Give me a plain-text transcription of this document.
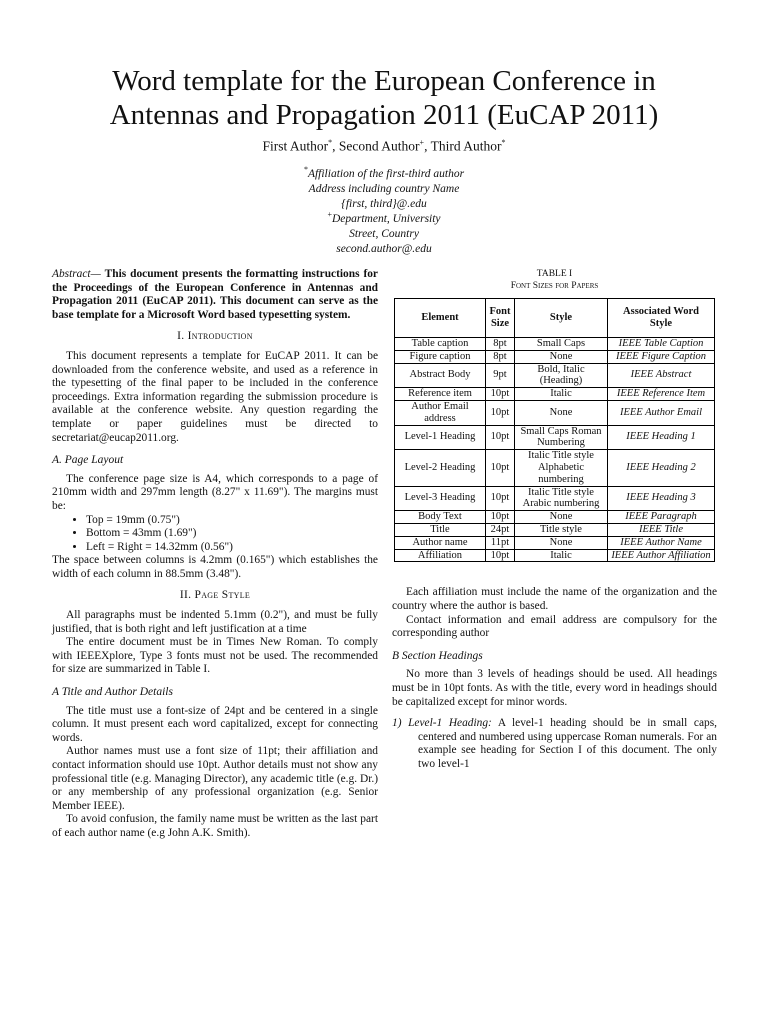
Word template for the European Conference in
Antennas and Propagation 2011 (EuCAP 2011)
First Author*, Second Author+, Third Author*
*Affiliation of the first-third author
Address including country Name
{first, third}@.edu
+Department, University
Street, Country
second.author@.edu
Abstract— This document presents the formatting instructions for the Proceedings of the European Conference in Antennas and Propagation 2011 (EuCAP 2011). This document can serve as the base template for a Microsoft Word based typesetting system.
I. Introduction

This document represents a template for EuCAP 2011. It can be downloaded from the conference website, and used as a reference in the typesetting of the final paper to be included in the conference proceedings. Extra information regarding the submission procedure is available at the conference website. Any question regarding the template or paper guidelines must be directed to secretariat@eucap2011.org.

A. Page Layout

The conference page size is A4, which corresponds to a page of 210mm width and 297mm length (8.27" x 11.69"). The margins must be:

• Top = 19mm (0.75")
• Bottom = 43mm (1.69")
• Left = Right = 14.32mm (0.56")

The space between columns is 4.2mm (0.165") which establishes the width of each column in 88.5mm (3.48").

II. Page Style

All paragraphs must be indented 5.1mm (0.2"), and must be fully justified, that is both right and left justification at a time

The entire document must be in Times New Roman. To comply with IEEEXplore, Type 3 fonts must not be used. The recommended for size are summarized in Table I.

A Title and Author Details

The title must use a font-size of 24pt and be centered in a single column. It must present each word capitalized, except for connecting words.

Author names must use a font size of 11pt; their affiliation and contact information should use 10pt. Author details must not show any professional title (e.g. Managing Director), any academic title (e.g. Dr.) or any membership of any professional organization (e.g. Senior Member IEEE).

To avoid confusion, the family name must be written as the last part of each author name (e.g John A.K. Smith).

TABLE I
Font Sizes for Papers
Element	Font Size	Style	Associated Word Style
Table caption	8pt	Small Caps	IEEE Table Caption
Figure caption	8pt	None	IEEE Figure Caption
Abstract Body	9pt	Bold, Italic (Heading)	IEEE Abstract
Reference item	10pt	Italic	IEEE Reference Item
Author Email address	10pt	None	IEEE Author Email
Level-1 Heading	10pt	Small Caps Roman Numbering	IEEE Heading 1
Level-2 Heading	10pt	Italic Title style Alphabetic numbering	IEEE Heading 2
Level-3 Heading	10pt	Italic Title style Arabic numbering	IEEE Heading 3
Body Text	10pt	None	IEEE Paragraph
Title	24pt	Title style	IEEE Title
Author name	11pt	None	IEEE Author Name
Affiliation	10pt	Italic	IEEE Author Affiliation

Each affiliation must include the name of the organization and the country where the author is based.

Contact information and email address are compulsory for the corresponding author

B Section Headings

No more than 3 levels of headings should be used. All headings must be in 10pt fonts. As with the title, every word in headings should be capitalized except for minor words.

1) Level-1 Heading: A level-1 heading should be in small caps, centered and numbered using uppercase Roman numerals. For an example see heading for Section I of this document. The only two level-1
